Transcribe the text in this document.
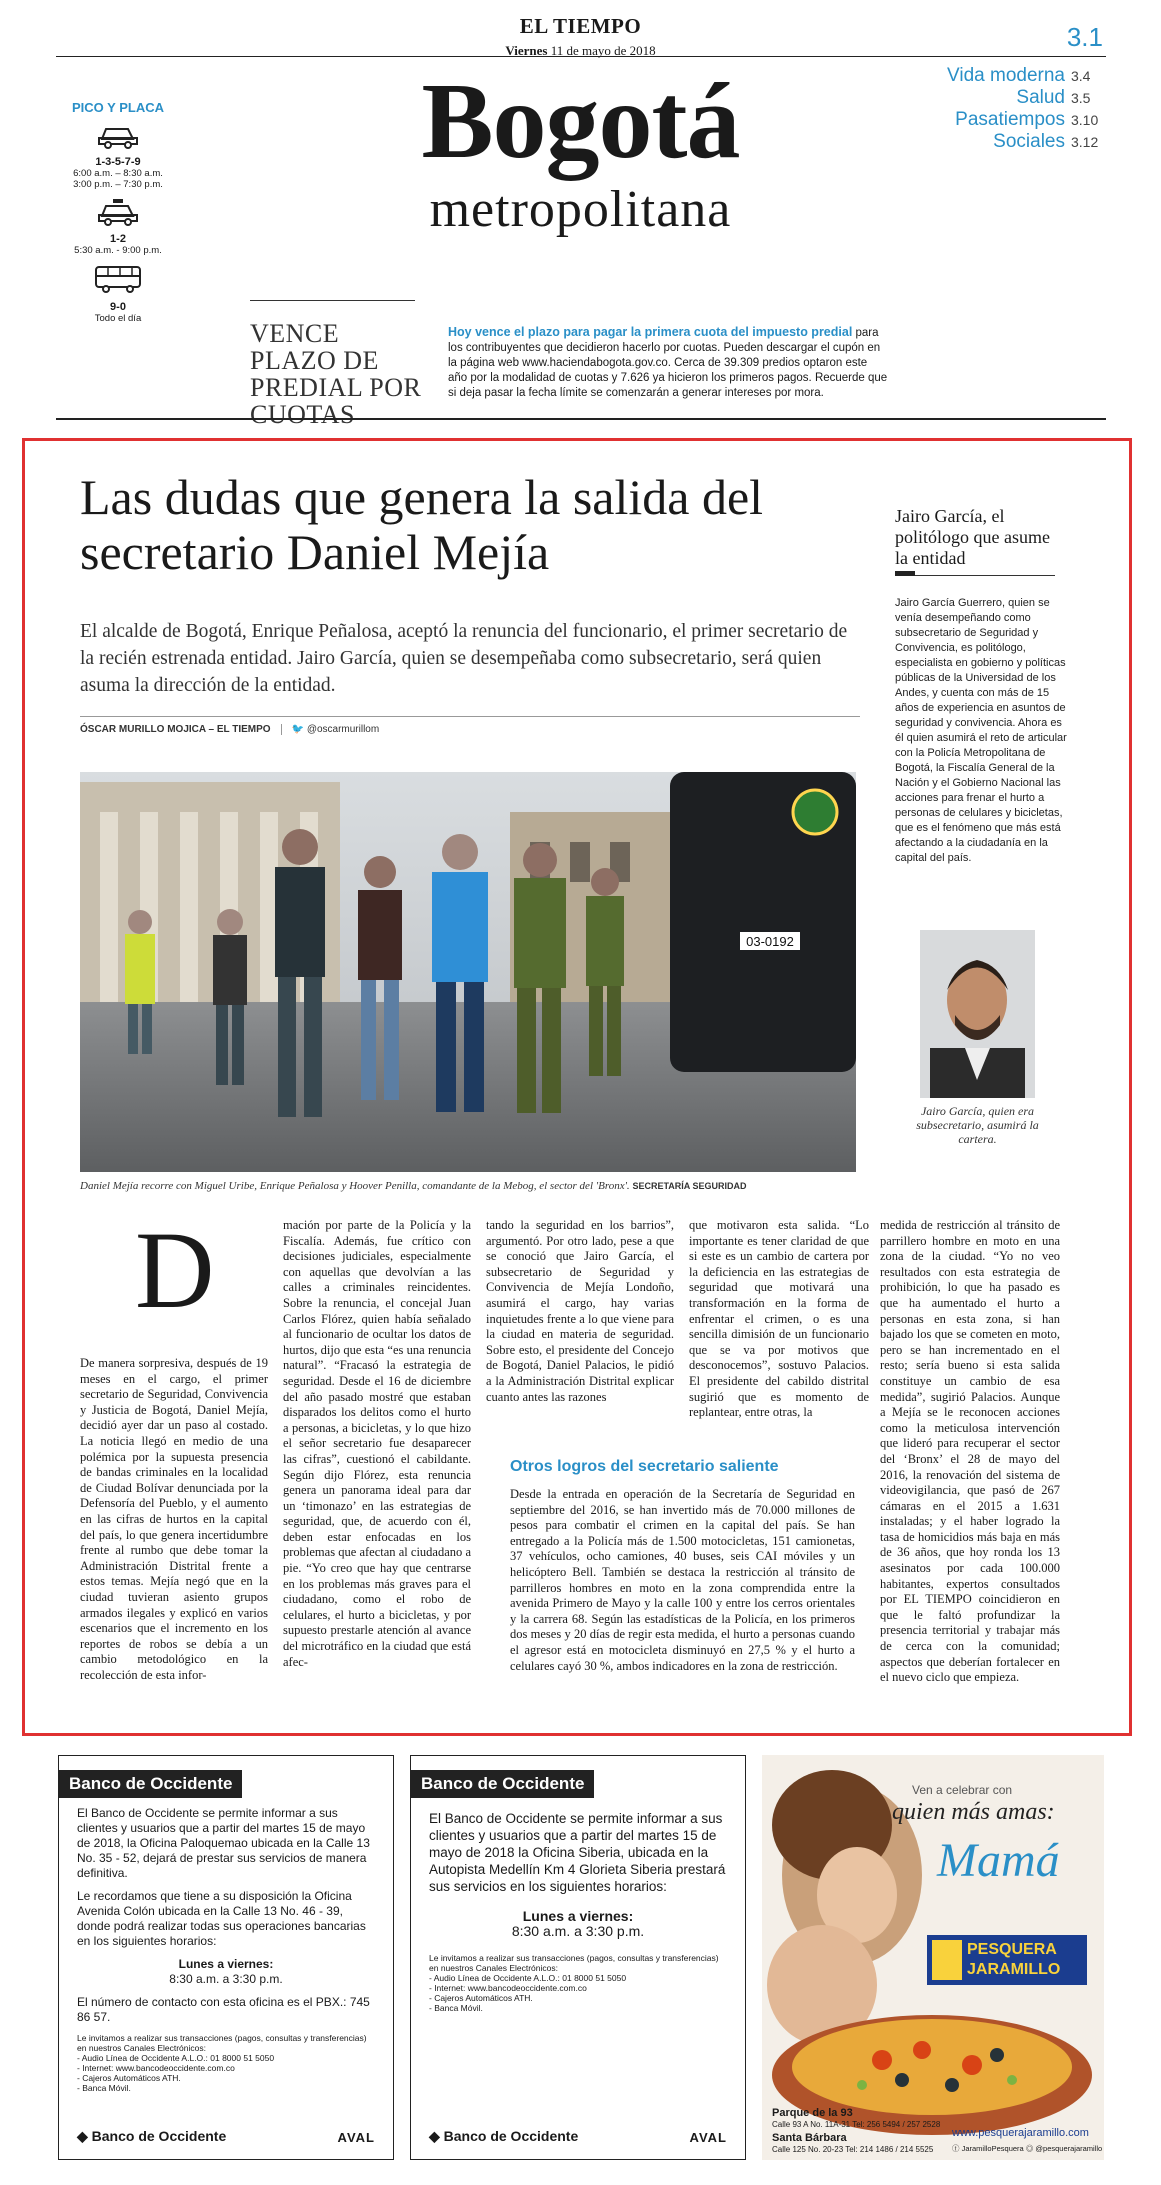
EL TIEMPO
Viernes 11 de mayo de 2018	3.1
Bogotá
metropolitana
Vida moderna 3.4
Salud 3.5
Pasatiempos 3.10
Sociales 3.12
PICO Y PLACA
1-3-5-7-9
6:00 a.m. – 8:30 a.m.
3:00 p.m. – 7:30 p.m.
1-2
5:30 a.m. - 9:00 p.m.
9-0
Todo el día
VENCE PLAZO DE PREDIAL POR CUOTAS
Hoy vence el plazo para pagar la primera cuota del impuesto predial para los contribuyentes que decidieron hacerlo por cuotas. Pueden descargar el cupón en la página web www.haciendabogota.gov.co. Cerca de 39.309 predios optaron este año por la modalidad de cuotas y 7.626 ya hicieron los primeros pagos. Recuerde que si deja pasar la fecha límite se comenzarán a generar intereses por mora.
Las dudas que genera la salida del secretario Daniel Mejía
El alcalde de Bogotá, Enrique Peñalosa, aceptó la renuncia del funcionario, el primer secretario de la recién estrenada entidad. Jairo García, quien se desempeñaba como subsecretario, será quien asuma la dirección de la entidad.
ÓSCAR MURILLO MOJICA – EL TIEMPO 🐦 @oscarmurillom
03-0192
Daniel Mejía recorre con Miguel Uribe, Enrique Peñalosa y Hoover Penilla, comandante de la Mebog, el sector del 'Bronx'. SECRETARÍA SEGURIDAD
Jairo García, el politólogo que asume la entidad
Jairo García Guerrero, quien se venía desempeñando como subsecretario de Seguridad y Convivencia, es politólogo, especialista en gobierno y políticas públicas de la Universidad de los Andes, y cuenta con más de 15 años de experiencia en asuntos de seguridad y convivencia. Ahora es él quien asumirá el reto de articular con la Policía Metropolitana de Bogotá, la Fiscalía General de la Nación y el Gobierno Nacional las acciones para frenar el hurto a personas de celulares y bicicletas, que es el fenómeno que más está afectando a la ciudadanía en la capital del país.
Jairo García, quien era subsecretario, asumirá la cartera.
D
De manera sorpresiva, después de 19 meses en el cargo, el primer secretario de Seguridad, Convivencia y Justicia de Bogotá, Daniel Mejía, decidió ayer dar un paso al costado. La noticia llegó en medio de una polémica por la supuesta presencia de bandas criminales en la localidad de Ciudad Bolívar denunciada por la Defensoría del Pueblo, y el aumento en las cifras de hurtos en la capital del país, lo que genera incertidumbre frente al rumbo que debe tomar la Administración Distrital frente a estos temas. Mejía negó que en la ciudad tuvieran asiento grupos armados ilegales y explicó en varios escenarios que el incremento en los reportes de robos se debía a un cambio metodológico en la recolección de esta infor-
mación por parte de la Policía y la Fiscalía. Además, fue crítico con decisiones judiciales, especialmente con aquellas que devolvían a las calles a criminales reincidentes. Sobre la renuncia, el concejal Juan Carlos Flórez, quien había señalado al funcionario de ocultar los datos de hurtos, dijo que esta “es una renuncia natural”. “Fracasó la estrategia de seguridad. Desde el 16 de diciembre del año pasado mostré que estaban disparados los delitos como el hurto a personas, a bicicletas, y lo que hizo el señor secretario fue desaparecer las cifras”, cuestionó el cabildante. Según dijo Flórez, esta renuncia genera un panorama ideal para dar un ‘timonazo’ en las estrategias de seguridad, que, de acuerdo con él, deben estar enfocadas en los problemas que afectan al ciudadano a pie. “Yo creo que hay que centrarse en los problemas más graves para el ciudadano, como el robo de celulares, el hurto a bicicletas, y por supuesto prestarle atención al avance del microtráfico en la ciudad que está afec-
tando la seguridad en los barrios”, argumentó. Por otro lado, pese a que se conoció que Jairo García, el subsecretario de Seguridad y Convivencia de Mejía Londoño, asumirá el cargo, hay varias inquietudes frente a lo que viene para la ciudad en materia de seguridad. Sobre esto, el presidente del Concejo de Bogotá, Daniel Palacios, le pidió a la Administración Distrital explicar cuanto antes las razones
que motivaron esta salida. “Lo importante es tener claridad de que si este es un cambio de cartera por la deficiencia en las estrategias de seguridad que motivará una transformación en la forma de enfrentar el crimen, o es una sencilla dimisión de un funcionario que se va por motivos que desconocemos”, sostuvo Palacios. El presidente del cabildo distrital sugirió que es momento de replantear, entre otras, la
medida de restricción al tránsito de parrillero hombre en moto en una zona de la ciudad. “Yo no veo resultados con esta estrategia de prohibición, lo que ha pasado es que ha aumentado el hurto a personas en esta zona, si han bajado los que se cometen en moto, pero se han incrementado en el resto; sería bueno si esta salida constituye un cambio de esa medida”, sugirió Palacios. Aunque a Mejía se le reconocen acciones como la meticulosa intervención que lideró para recuperar el sector del ‘Bronx’ el 28 de mayo del 2016, la renovación del sistema de videovigilancia, que pasó de 267 cámaras en el 2015 a 1.631 instaladas; y el haber logrado la tasa de homicidios más baja en más de 36 años, que hoy ronda los 13 asesinatos por cada 100.000 habitantes, expertos consultados por EL TIEMPO coincidieron en que le faltó profundizar la presencia territorial y trabajar más de cerca con la comunidad; aspectos que deberían fortalecer en el nuevo ciclo que empieza.
Otros logros del secretario saliente
Desde la entrada en operación de la Secretaría de Seguridad en septiembre del 2016, se han invertido más de 70.000 millones de pesos para combatir el crimen en la capital del país. Se han entregado a la Policía más de 1.500 motocicletas, 151 camionetas, 37 vehículos, ocho camiones, 40 buses, seis CAI móviles y un helicóptero Bell. También se destaca la restricción al tránsito de parrilleros hombres en moto en la zona comprendida entre la avenida Primero de Mayo y la calle 100 y entre los cerros orientales y la carrera 68. Según las estadísticas de la Policía, en los primeros dos meses y 20 días de regir esta medida, el hurto a personas cuando el agresor está en motocicleta disminuyó en 27,5 % y el hurto a celulares cayó 30 %, ambos indicadores en la zona de restricción.
Banco de Occidente
El Banco de Occidente se permite informar a sus clientes y usuarios que a partir del martes 15 de mayo de 2018, la Oficina Paloquemao ubicada en la Calle 13 No. 35 - 52, dejará de prestar sus servicios de manera definitiva.
Le recordamos que tiene a su disposición la Oficina Avenida Colón ubicada en la Calle 13 No. 46 - 39, donde podrá realizar todas sus operaciones bancarias en los siguientes horarios:
Lunes a viernes:
8:30 a.m. a 3:30 p.m.
El número de contacto con esta oficina es el PBX.: 745 86 57.
Le invitamos a realizar sus transacciones (pagos, consultas y transferencias) en nuestros Canales Electrónicos:
- Audio Línea de Occidente A.L.O.: 01 8000 51 5050
- Internet: www.bancodeoccidente.com.co
- Cajeros Automáticos ATH.
- Banca Móvil.
◆ Banco de Occidente	AVAL
Banco de Occidente
El Banco de Occidente se permite informar a sus clientes y usuarios que a partir del martes 15 de mayo de 2018 la Oficina Siberia, ubicada en la Autopista Medellín Km 4 Glorieta Siberia prestará sus servicios en los siguientes horarios:
Lunes a viernes:
8:30 a.m. a 3:30 p.m.
Le invitamos a realizar sus transacciones (pagos, consultas y transferencias) en nuestros Canales Electrónicos:
- Audio Línea de Occidente A.L.O.: 01 8000 51 5050
- Internet: www.bancodeoccidente.com.co
- Cajeros Automáticos ATH.
- Banca Móvil.
◆ Banco de Occidente	AVAL
Ven a celebrar con
quien más amas:
Mamá
PESQUERA
JARAMILLO
Parque de la 93
Calle 93 A No. 11A-31 Tel: 256 5494 / 257 2528
Santa Bárbara
Calle 125 No. 20-23 Tel: 214 1486 / 214 5525
www.pesquerajaramillo.com
ⓕ JaramilloPesquera ◎ @pesquerajaramillo
